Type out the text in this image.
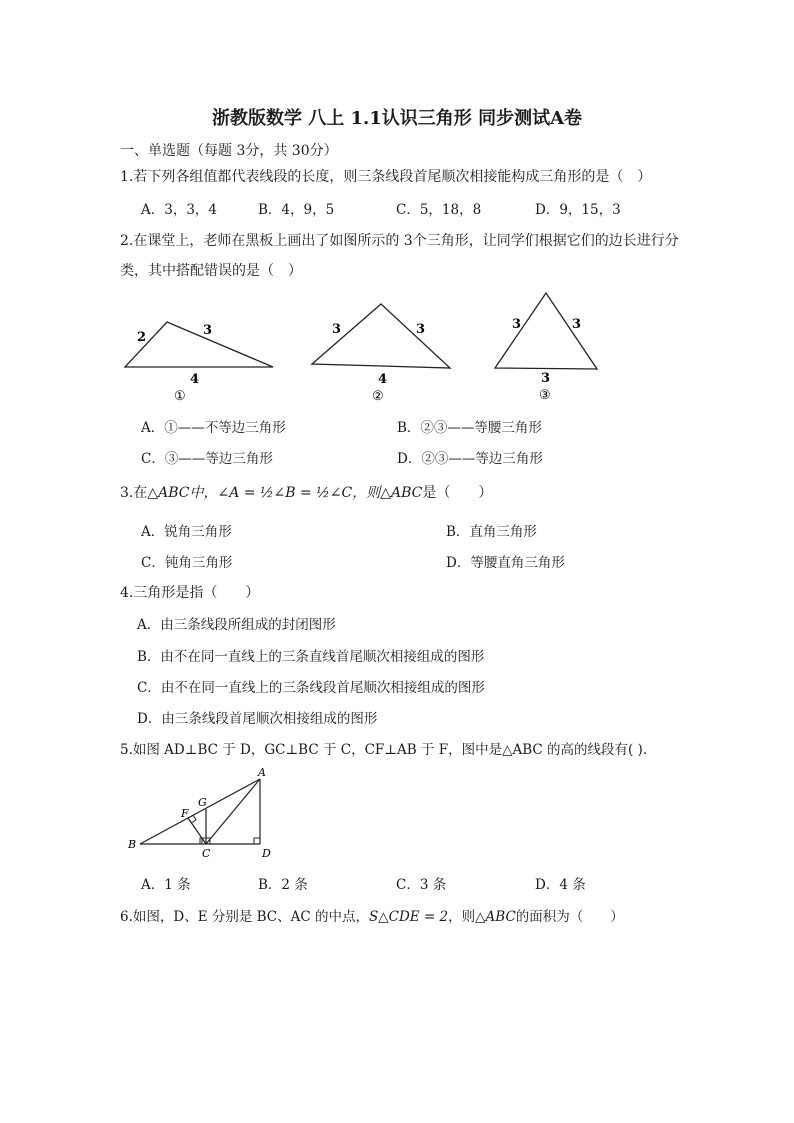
浙教版数学 八上 1.1认识三角形 同步测试A卷
一、单选题（每题 3分，共 30分）
1.若下列各组值都代表线段的长度，则三条线段首尾顺次相接能构成三角形的是（　）
A．3，3，4	B．4，9，5	C．5，18，8	D．9，15，3
2.在课堂上，老师在黑板上画出了如图所示的 3个三角形，让同学们根据它们的边长进行分
类，其中搭配错误的是（　）
2	3
4
①
3	3
4
②
3	3
3
③
A．①——不等边三角形	B．②③——等腰三角形
C．③——等边三角形	D．②③——等边三角形
3.在△ABC中，∠A = ½∠B = ½∠C，则△ABC是（　　）
A．锐角三角形	B．直角三角形
C．钝角三角形	D．等腰直角三角形
4.三角形是指（　　）
A．由三条线段所组成的封闭图形
B．由不在同一直线上的三条直线首尾顺次相接组成的图形
C．由不在同一直线上的三条线段首尾顺次相接组成的图形
D．由三条线段首尾顺次相接组成的图形
5.如图 AD⊥BC 于 D，GC⊥BC 于 C，CF⊥AB 于 F，图中是△ABC 的高的线段有( ).
A
B
C	D
F
G
A．1 条	B．2 条	C．3 条	D．4 条
6.如图，D、E 分别是 BC、AC 的中点，S△CDE = 2，则△ABC的面积为（　　）
